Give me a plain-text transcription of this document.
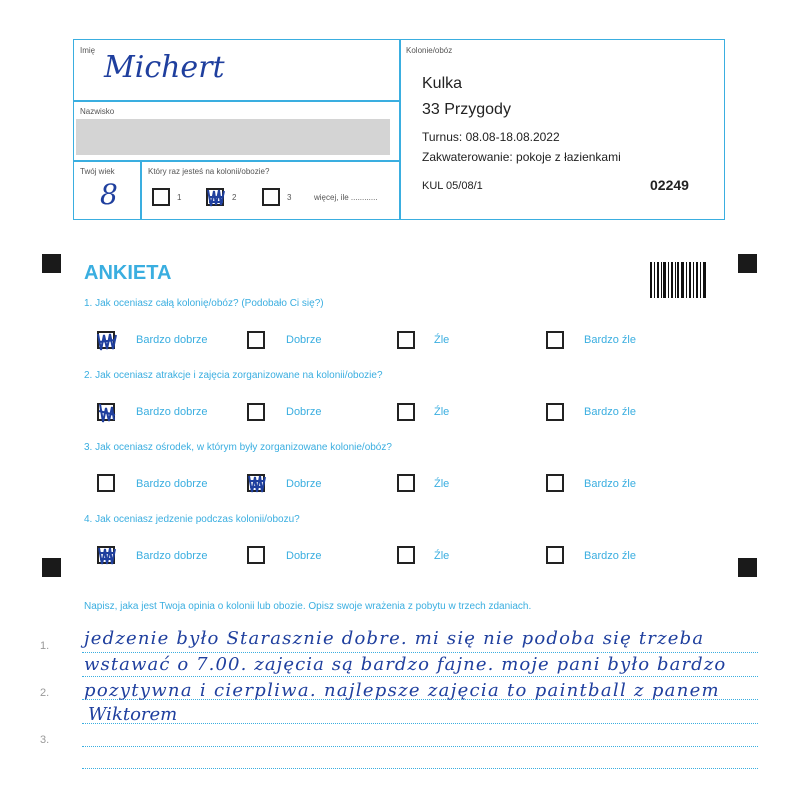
Imię Michert
Nazwisko
Twój wiek
8
Który raz jesteś na kolonii/obozie?
1	2	3	więcej, ile ............
Kolonie/obóz
Kulka
33 Przygody
Turnus: 08.08-18.08.2022
Zakwaterowanie: pokoje z łazienkami
KUL 05/08/1	02249
ANKIETA
1. Jak oceniasz całą kolonię/obóz? (Podobało Ci się?)
Bardzo dobrze	Dobrze	Źle	Bardzo źle
2. Jak oceniasz atrakcje i zajęcia zorganizowane na kolonii/obozie?
Bardzo dobrze	Dobrze	Źle	Bardzo źle
3. Jak oceniasz ośrodek, w którym były zorganizowane kolonie/obóz?
Bardzo dobrze	Dobrze	Źle	Bardzo źle
4. Jak oceniasz jedzenie podczas kolonii/obozu?
Bardzo dobrze	Dobrze	Źle	Bardzo źle
Napisz, jaka jest Twoja opinia o kolonii lub obozie. Opisz swoje wrażenia z pobytu w trzech zdaniach.
1.
2.
3.
jedzenie było Starasznie dobre. mi się nie podoba się trzeba
wstawać o 7.00. zajęcia są bardzo fajne. moje pani było bardzo
pozytywna i cierpliwa. najlepsze zajęcia to paintball z panem
Wiktorem
